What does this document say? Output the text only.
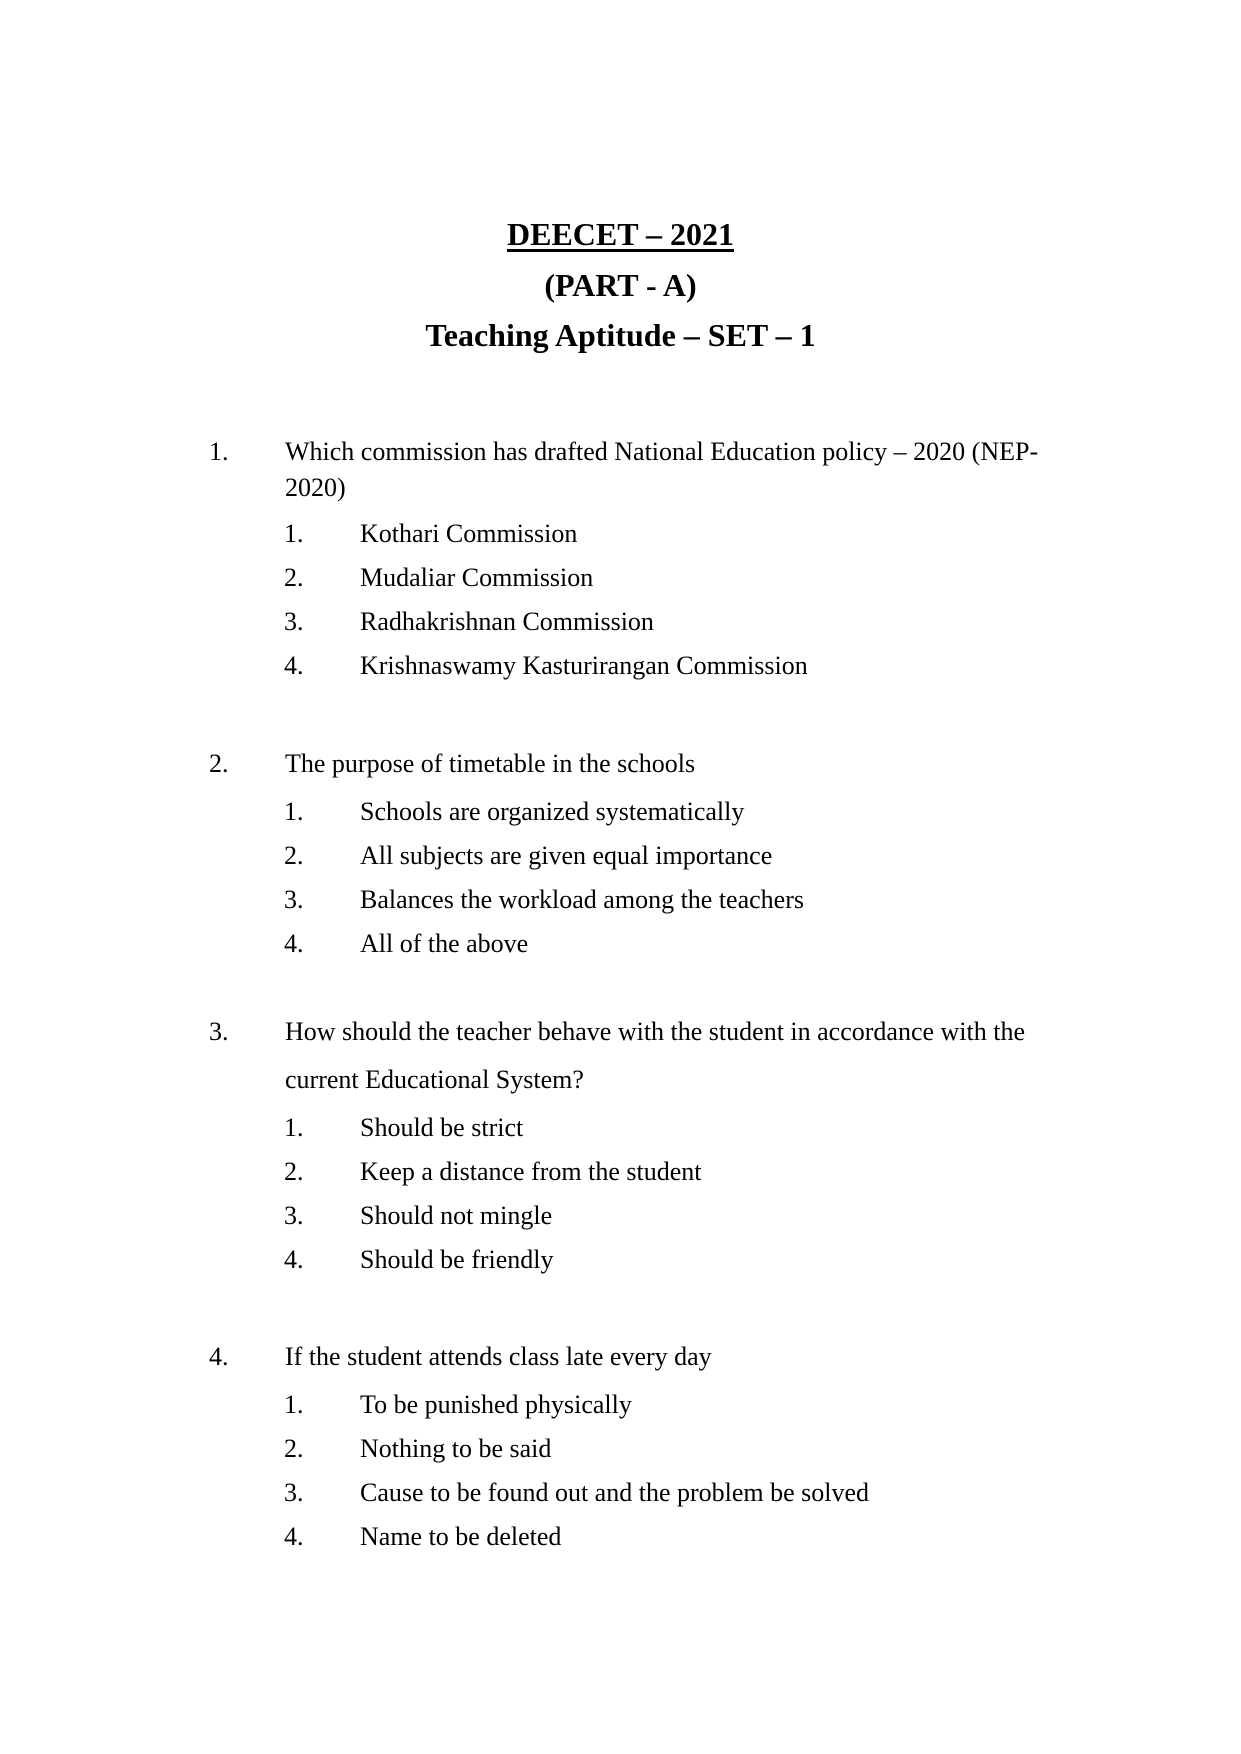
DEECET – 2021
(PART - A)
Teaching Aptitude – SET – 1
1. Which commission has drafted National Education policy – 2020 (NEP-2020)
1. Kothari Commission
2. Mudaliar Commission
3. Radhakrishnan Commission
4. Krishnaswamy Kasturirangan Commission
2. The purpose of timetable in the schools
1. Schools are organized systematically
2. All subjects are given equal importance
3. Balances the workload among the teachers
4. All of the above
3. How should the teacher behave with the student in accordance with the current Educational System?
1. Should be strict
2. Keep a distance from the student
3. Should not mingle
4. Should be friendly
4. If the student attends class late every day
1. To be punished physically
2. Nothing to be said
3. Cause to be found out and the problem be solved
4. Name to be deleted
